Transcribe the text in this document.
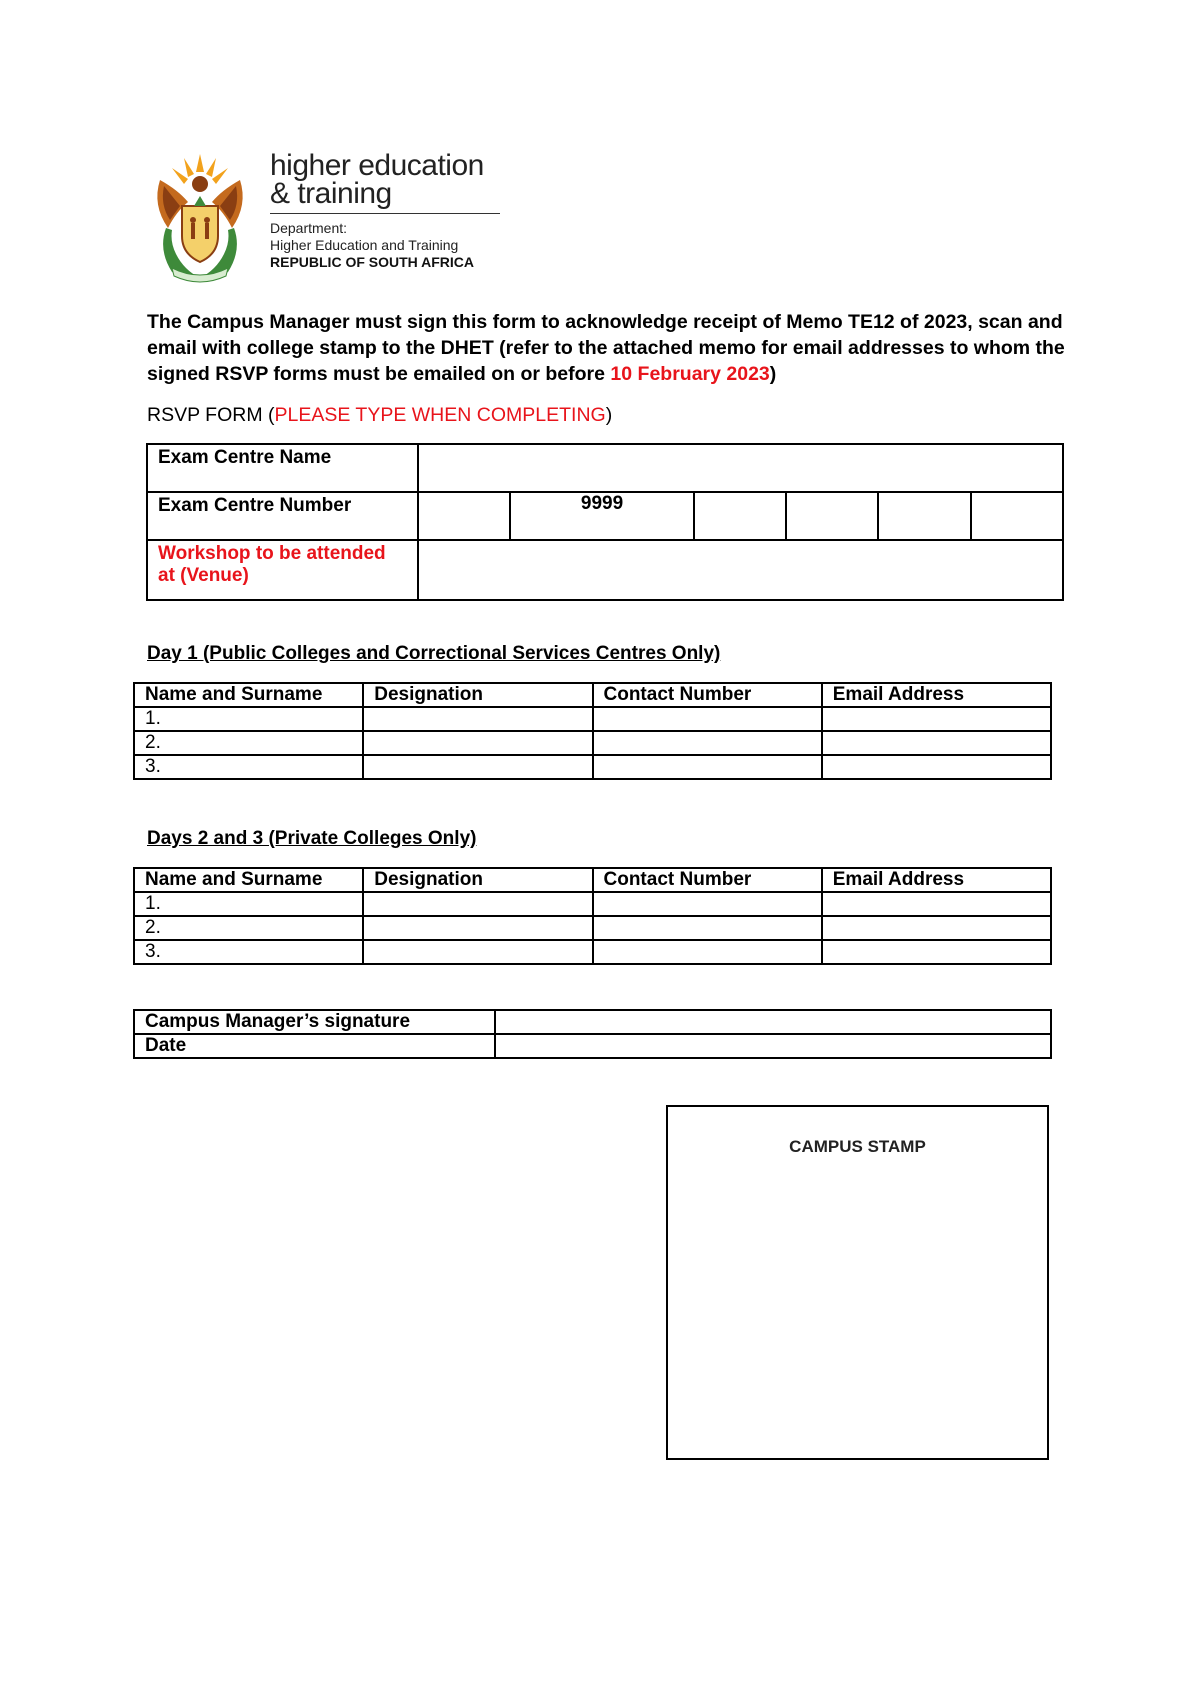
higher education
& training
Department:
Higher Education and Training
REPUBLIC OF SOUTH AFRICA
The Campus Manager must sign this form to acknowledge receipt of Memo TE12 of 2023, scan and email with college stamp to the DHET (refer to the attached memo for email addresses to whom the signed RSVP forms must be emailed on or before 10 February 2023)
RSVP FORM (PLEASE TYPE WHEN COMPLETING)
Exam Centre Name						
Exam Centre Number		9999				
Workshop to be attended at (Venue)						
Day 1 (Public Colleges and Correctional Services Centres Only)
Name and Surname	Designation	Contact Number	Email Address
1.			
2.			
3.			
Days 2 and 3 (Private Colleges Only)
Name and Surname	Designation	Contact Number	Email Address
1.			
2.			
3.			
Campus Manager’s signature	
Date	
CAMPUS STAMP
